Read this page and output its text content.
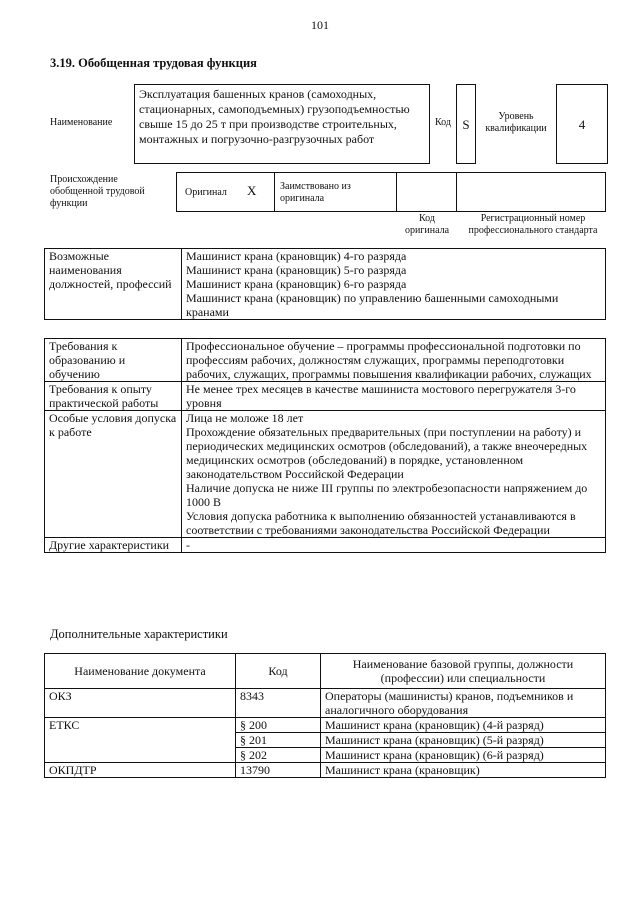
101
3.19. Обобщенная трудовая функция
Наименование
Эксплуатация башенных кранов (самоходных, стационарных, самоподъемных) грузоподъемностью свыше 15 до 25 т при производстве строительных, монтажных и погрузочно-разгрузочных работ
Код S
Уровень квалификации	4
Происхождение обобщенной трудовой функции
Оригинал X	Заимствовано из оригинала
Код оригинала
Регистрационный номер профессионального стандарта
Возможные наименования должностей, профессий	
Машинист крана (крановщик) 4-го разряда
Машинист крана (крановщик) 5-го разряда
Машинист крана (крановщик) 6-го разряда
Машинист крана (крановщик) по управлению башенными самоходными кранами
Требования к образованию и обучению	Профессиональное обучение – программы профессиональной подготовки по профессиям рабочих, должностям служащих, программы переподготовки рабочих, служащих, программы повышения квалификации рабочих, служащих
Требования к опыту практической работы	Не менее трех месяцев в качестве машиниста мостового перегружателя 3-го уровня
Особые условия допуска к работе	Лица не моложе 18 лет
Прохождение обязательных предварительных (при поступлении на работу) и периодических медицинских осмотров (обследований), а также внеочередных медицинских осмотров (обследований) в порядке, установленном законодательством Российской Федерации
Наличие допуска не ниже III группы по электробезопасности напряжением до 1000 В
Условия допуска работника к выполнению обязанностей устанавливаются в соответствии с требованиями законодательства Российской Федерации

Другие характеристики	-
Дополнительные характеристики
Наименование документа	Код	Наименование базовой группы, должности (профессии) или специальности
ОКЗ	8343	Операторы (машинисты) кранов, подъемников и аналогичного оборудования
ЕТКС	§ 200	Машинист крана (крановщик) (4-й разряд)
	§ 201	Машинист крана (крановщик) (5-й разряд)
	§ 202	Машинист крана (крановщик) (6-й разряд)
ОКПДТР	13790	Машинист крана (крановщик)
